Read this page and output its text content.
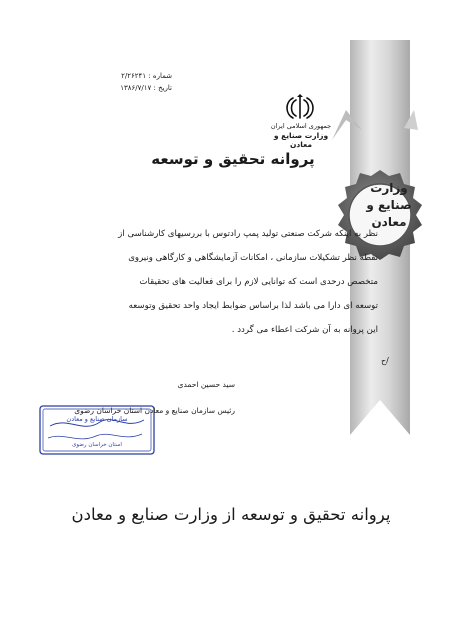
شماره : ۲/۲۶۲۴۱
تاریخ : ۱۳۸۶/۷/۱۷
جمهوری اسلامی ایران
وزارت صنایع و معادن
پروانه تحقیق و توسعه
وزارت
صنایع و
معادن

نظر به اینکه شرکت صنعتی تولید پمپ رادتوس با بررسیهای کارشناسی از

نقطه نظر تشکیلات سازمانی ، امکانات آزمایشگاهی و کارگاهی ونیروی

متخصص درحدی است که توانایی لازم را برای فعالیت های تحقیقات

توسعه ای دارا می باشد لذا براساس ضوابط ایجاد واحد تحقیق وتوسعه

این پروانه به آن شرکت اعطاء می گردد .

/ح
سید حسین احمدی
سازمان صنایع و معادن
استان خراسان رضوی
رئیس سازمان صنایع و معادن استان خراسان رضوی
پروانه تحقیق و توسعه از وزارت صنایع و معادن
